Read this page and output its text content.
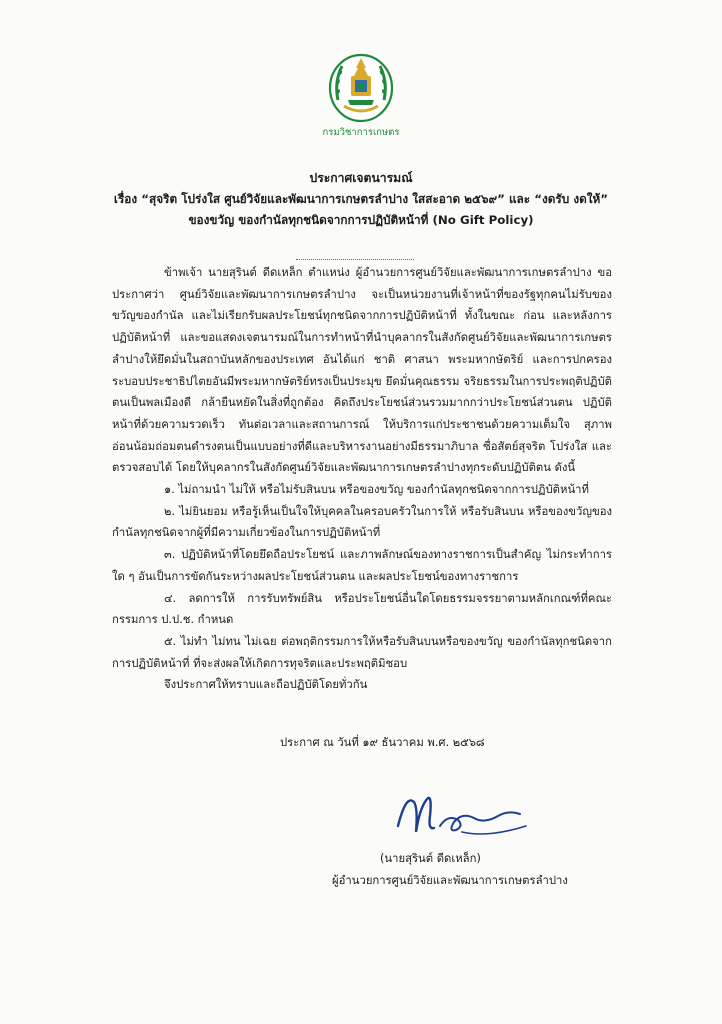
กรมวิชาการเกษตร
ประกาศเจตนารมณ์
เรื่อง “สุจริต โปร่งใส ศูนย์วิจัยและพัฒนาการเกษตรลำปาง ใสสะอาด ๒๕๖๙” และ “งดรับ งดให้”
ของขวัญ ของกำนัลทุกชนิดจากการปฏิบัติหน้าที่ (No Gift Policy)

ข้าพเจ้า นายสุรินต์ ดีดเหล็ก ตำแหน่ง ผู้อำนวยการศูนย์วิจัยและพัฒนาการเกษตรลำปาง ขอประกาศว่า ศูนย์วิจัยและพัฒนาการเกษตรลำปาง จะเป็นหน่วยงานที่เจ้าหน้าที่ของรัฐทุกคนไม่รับของขวัญของกำนัล และไม่เรียกรับผลประโยชน์ทุกชนิดจากการปฏิบัติหน้าที่ ทั้งในขณะ ก่อน และหลังการปฏิบัติหน้าที่ และขอแสดงเจตนารมณ์ในการทำหน้าที่นำบุคลากรในสังกัดศูนย์วิจัยและพัฒนาการเกษตรลำปางให้ยึดมั่นในสถาบันหลักของประเทศ อันได้แก่ ชาติ ศาสนา พระมหากษัตริย์ และการปกครองระบอบประชาธิปไตยอันมีพระมหากษัตริย์ทรงเป็นประมุข ยึดมั่นคุณธรรม จริยธรรมในการประพฤติปฏิบัติตนเป็นพลเมืองดี กล้ายืนหยัดในสิ่งที่ถูกต้อง คิดถึงประโยชน์ส่วนรวมมากกว่าประโยชน์ส่วนตน ปฏิบัติหน้าที่ด้วยความรวดเร็ว ทันต่อเวลาและสถานการณ์ ให้บริการแก่ประชาชนด้วยความเต็มใจ สุภาพ อ่อนน้อมถ่อมตนดำรงตนเป็นแบบอย่างที่ดีและบริหารงานอย่างมีธรรมาภิบาล ซื่อสัตย์สุจริต โปร่งใส และตรวจสอบได้ โดยให้บุคลากรในสังกัดศูนย์วิจัยและพัฒนาการเกษตรลำปางทุกระดับปฏิบัติตน ดังนี้

๑. ไม่ถามนำ ไม่ให้ หรือไม่รับสินบน หรือของขวัญ ของกำนัลทุกชนิดจากการปฏิบัติหน้าที่

๒. ไม่ยินยอม หรือรู้เห็นเป็นใจให้บุคคลในครอบครัวในการให้ หรือรับสินบน หรือของขวัญของกำนัลทุกชนิดจากผู้ที่มีความเกี่ยวข้องในการปฏิบัติหน้าที่

๓. ปฏิบัติหน้าที่โดยยึดถือประโยชน์ และภาพลักษณ์ของทางราชการเป็นสำคัญ ไม่กระทำการใด ๆ อันเป็นการขัดกันระหว่างผลประโยชน์ส่วนตน และผลประโยชน์ของทางราชการ

๔. ลดการให้ การรับทรัพย์สิน หรือประโยชน์อื่นใดโดยธรรมจรรยาตามหลักเกณฑ์ที่คณะกรรมการ ป.ป.ช. กำหนด

๕. ไม่ทำ ไม่ทน ไม่เฉย ต่อพฤติกรรมการให้หรือรับสินบนหรือของขวัญ ของกำนัลทุกชนิดจากการปฏิบัติหน้าที่ ที่จะส่งผลให้เกิดการทุจริตและประพฤติมิชอบ

จึงประกาศให้ทราบและถือปฏิบัติโดยทั่วกัน

ประกาศ ณ วันที่ ๑๙ ธันวาคม พ.ศ. ๒๕๖๘
(นายสุรินต์ ดีดเหล็ก)
ผู้อำนวยการศูนย์วิจัยและพัฒนาการเกษตรลำปาง
